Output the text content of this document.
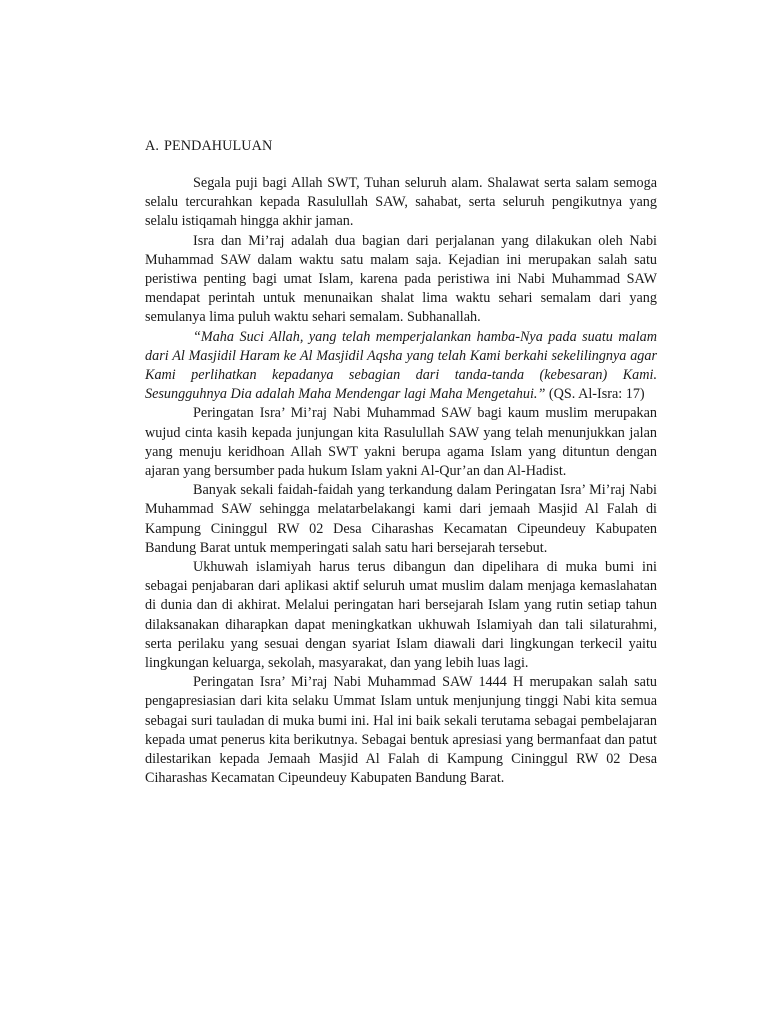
A. PENDAHULUAN

Segala puji bagi Allah SWT, Tuhan seluruh alam. Shalawat serta salam semoga selalu tercurahkan kepada Rasulullah SAW, sahabat, serta seluruh pengikutnya yang selalu istiqamah hingga akhir jaman.

Isra dan Mi’raj adalah dua bagian dari perjalanan yang dilakukan oleh Nabi Muhammad SAW dalam waktu satu malam saja. Kejadian ini merupakan salah satu peristiwa penting bagi umat Islam, karena pada peristiwa ini Nabi Muhammad SAW mendapat perintah untuk menunaikan shalat lima waktu sehari semalam dari yang semulanya lima puluh waktu sehari semalam. Subhanallah.

“Maha Suci Allah, yang telah memperjalankan hamba-Nya pada suatu malam dari Al Masjidil Haram ke Al Masjidil Aqsha yang telah Kami berkahi sekelilingnya agar Kami perlihatkan kepadanya sebagian dari tanda-tanda (kebesaran) Kami. Sesungguhnya Dia adalah Maha Mendengar lagi Maha Mengetahui.” (QS. Al-Isra: 17)

Peringatan Isra’ Mi’raj Nabi Muhammad SAW bagi kaum muslim merupakan wujud cinta kasih kepada junjungan kita Rasulullah SAW yang telah menunjukkan jalan yang menuju keridhoan Allah SWT yakni berupa agama Islam yang dituntun dengan ajaran yang bersumber pada hukum Islam yakni Al-Qur’an dan Al-Hadist.

Banyak sekali faidah-faidah yang terkandung dalam Peringatan Isra’ Mi’raj Nabi Muhammad SAW sehingga melatarbelakangi kami dari jemaah Masjid Al Falah di Kampung Cininggul RW 02 Desa Ciharashas Kecamatan Cipeundeuy Kabupaten Bandung Barat untuk memperingati salah satu hari bersejarah tersebut.

Ukhuwah islamiyah harus terus dibangun dan dipelihara di muka bumi ini sebagai penjabaran dari aplikasi aktif seluruh umat muslim dalam menjaga kemaslahatan di dunia dan di akhirat. Melalui peringatan hari bersejarah Islam yang rutin setiap tahun dilaksanakan diharapkan dapat meningkatkan ukhuwah Islamiyah dan tali silaturahmi, serta perilaku yang sesuai dengan syariat Islam diawali dari lingkungan terkecil yaitu lingkungan keluarga, sekolah, masyarakat, dan yang lebih luas lagi.

Peringatan Isra’ Mi’raj Nabi Muhammad SAW 1444 H merupakan salah satu pengapresiasian dari kita selaku Ummat Islam untuk menjunjung tinggi Nabi kita semua sebagai suri tauladan di muka bumi ini. Hal ini baik sekali terutama sebagai pembelajaran kepada umat penerus kita berikutnya. Sebagai bentuk apresiasi yang bermanfaat dan patut dilestarikan kepada Jemaah Masjid Al Falah di Kampung Cininggul RW 02 Desa Ciharashas Kecamatan Cipeundeuy Kabupaten Bandung Barat.
